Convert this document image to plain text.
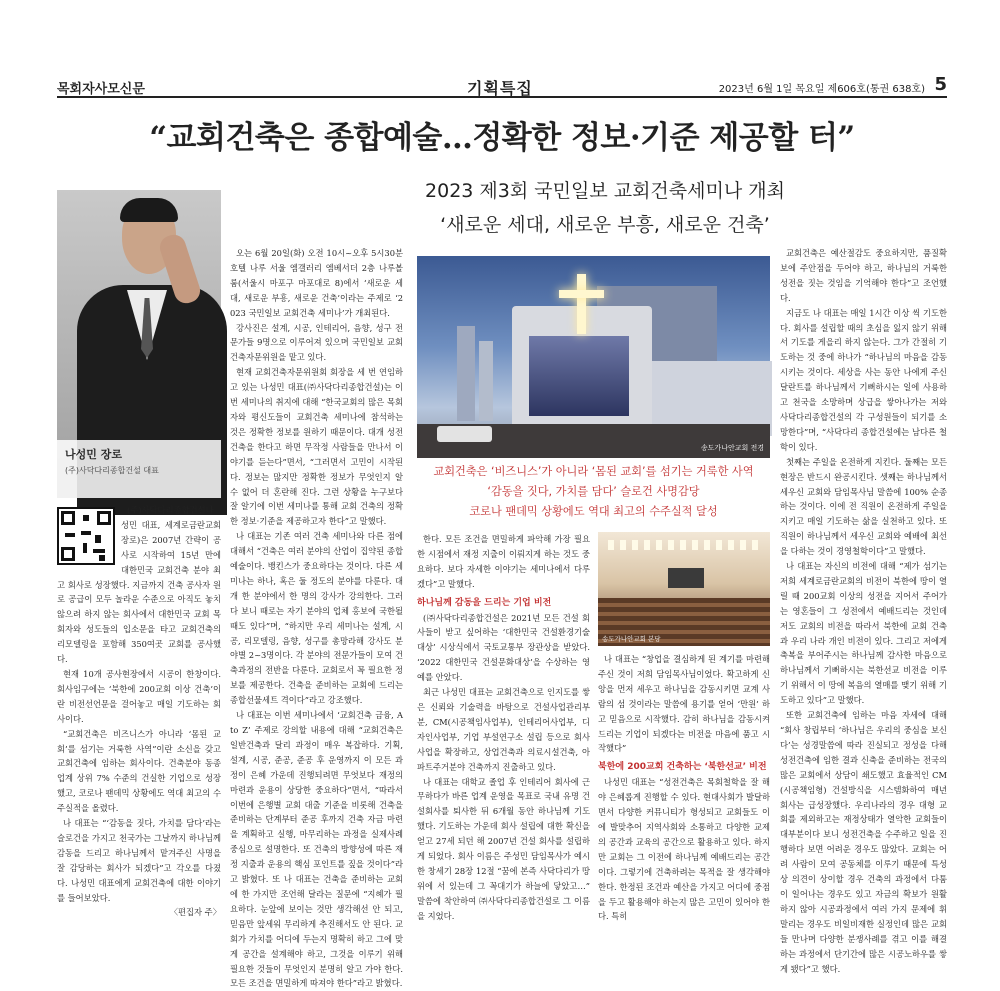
목회자사모신문	기획특집	2023년 6월 1일 목요일 제606호(통권 638호) 5
“교회건축은 종합예술…정확한 정보·기준 제공할 터”
2023 제3회 국민일보 교회건축세미나 개최
‘새로운 세대, 새로운 부흥, 새로운 건축’
나성민 장로
(주)사닥다리종합건설 대표

(주)사닥다리종합건설나성민 대표, 세계로금란교회 장로)은 2007년 간략이 공사로 시작하여 15년 만에 대한민국 교회건축 분야 최고 회사로 성장했다. 지금까지 건축 공사자 원로 공급이 모두 놀라운 수준으로 아직도 놓치 않으려 하지 않는 회사에서 대한민국 교회 목회자와 성도들의 입소문을 타고 교회건축의 리모델링을 포함해 350여곳 교회를 공사했다.

현재 10개 공사현장에서 시공이 한창이다. 회사임구에는 ‘북한에 200교회 이상 건축’이란 비전선언문을 걸어놓고 매일 기도하는 회사이다.

“교회건축은 비즈니스가 아니라 ‘몸된 교회’를 섬기는 거룩한 사역”이란 소신을 갖고 교회건축에 임하는 회사이다. 건축분야 동종업계 상위 7% 수준의 건실한 기업으로 성장했고, 코로나 팬데믹 상황에도 역대 최고의 수주실적을 올렸다.

나 대표는 “‘감동을 짓다, 가치를 담다’라는 슬로건을 가지고 천국가는 그날까지 하나님께 감동을 드리고 하나님께서 맡겨주신 사명을 잘 감당하는 회사가 되겠다”고 각오를 다졌다. 나성민 대표에게 교회건축에 대한 이야기를 들어보았다.

〈편집자 주〉

오는 6월 20일(화) 오전 10시~오후 5시30분 호텔 나루 서울 엠갤러리 엠베서더 2층 나루볼룸(서울시 마포구 마포대로 8)에서 ‘새로운 세대, 새로운 부흥, 새로운 건축’이라는 주제로 ‘2023 국민일보 교회건축 세미나’가 개최된다.

강사진은 설계, 시공, 인테리어, 음향, 성구 전문가들 9명으로 이루어져 있으며 국민일보 교회건축자문위원을 맡고 있다.

현재 교회건축자문위원회 회장을 세 번 연임하고 있는 나성민 대표(㈜사닥다리종합건설)는 이번 세미나의 취지에 대해 “한국교회의 많은 목회자와 평신도들이 교회건축 세미나에 참석하는 것은 정확한 정보를 원하기 때문이다. 대개 성전건축을 한다고 하면 무작정 사람들을 만나서 이야기를 듣는다”면서, “그러면서 고민이 시작된다. 정보는 많지만 정확한 정보가 무엇인지 알 수 없어 더 혼란해 진다. 그런 상황을 누구보다 잘 알기에 이번 세미나를 통해 교회 건축의 정확한 정보·기준을 제공하고자 한다”고 말했다.

나 대표는 기존 여러 건축 세미나와 다른 점에 대해서 “건축은 여러 분야의 산업이 집약된 종합 예술이다. 뱅킨스가 중요하다는 것이다. 다른 세미나는 하나, 혹은 둘 정도의 분야를 다룬다. 대개 한 분야에서 한 명의 강사가 강의한다. 그러다 보니 때로는 자기 분야의 업체 홍보에 국한될 때도 있다”며, “하지만 우리 세미나는 설계, 시공, 리모델링, 음향, 성구를 총망라해 강사도 분야별 2~3명이다. 각 분야의 전문가들이 모여 건축과정의 전반을 다룬다. 교회로서 꼭 필요한 정보를 제공한다. 건축을 준비하는 교회에 드리는 종합선물세트 격이다”라고 강조했다.

나 대표는 이번 세미나에서 ‘교회건축 금융, A to Z’ 주제로 강의할 내용에 대해 “교회건축은 일반건축과 달리 과정이 매우 복잡하다. 기획, 설계, 시공, 준공, 준공 후 운영까지 이 모든 과정이 은혜 가운데 진행되려면 무엇보다 재정의 마련과 운용이 상당한 중요하다”면서, “따라서 이번에 은행별 교회 대출 기준을 비롯해 건축을 준비하는 단계부터 준공 후까지 건축 자금 마련을 계획하고 실행, 마무리하는 과정을 실제사례 중심으로 설명한다. 또 건축의 방향성에 따른 재정 지출과 운용의 핵심 포인트를 짚을 것이다”라고 밝혔다. 또 나 대표는 건축을 준비하는 교회에 한 가지만 조언해 달라는 질문에 “지혜가 필요하다. 눈앞에 보이는 것만 생각해선 안 되고, 믿음만 앞세워 무리하게 추진해서도 안 된다. 교회가 가치를 어디에 두는지 명확히 하고 그에 맞게 공간을 설계해야 하고, 그것을 이루기 위해 필요한 것들이 무엇인지 분명히 알고 가야 한다. 모든 조건을 면밀하게 따져야 한다”라고 밝혔다.

송도가나안교회 전경
교회건축은 ‘비즈니스’가 아니라 ‘몸된 교회’를 섬기는 거룩한 사역
‘감동을 짓다, 가치를 담다’ 슬로건 사명감당
코로나 팬데믹 상황에도 역대 최고의 수주실적 달성

한다. 모든 조건을 면밀하게 파악해 가장 필요한 시점에서 재정 지출이 이뤄지게 하는 것도 중요하다. 보다 자세한 이야기는 세미나에서 다루겠다”고 말했다.

하나님께 감동을 드리는 기업 비전

(㈜사닥다리종합건설은 2021년 모든 건설 회사들이 받고 싶어하는 ‘대한민국 건설환경기술 대상’ 시상식에서 국토교통부 장관상을 받았다. ‘2022 대한민국 건설문화대상’을 수상하는 영예를 안았다.

최근 나성민 대표는 교회건축으로 인지도를 쌓은 신뢰와 기술력을 바탕으로 건설사업관리부분, CM(시공책임사업부), 인테리어사업부, 디자인사업부, 기업 부설연구소 설립 등으로 회사사업을 확장하고, 상업건축과 의료시설건축, 아파트주거분야 건축까지 진출하고 있다.

나 대표는 대학교 졸업 후 인테리어 회사에 근무하다가 바른 업계 운영을 목표로 국내 유명 건설회사를 퇴사한 뒤 6개월 동안 하나님께 기도했다. 기도하는 가운데 회사 설립에 대한 확신을 얻고 27세 되던 해 2007년 건설 회사를 설립하게 되었다. 회사 이름은 주성민 담임목사가 예시한 창세기 28장 12절 “꿈에 본즉 사닥다리가 땅 위에 서 있는데 그 꼭대기가 하늘에 닿았고…” 말씀에 착안하여 ㈜사닥다리종합건설로 그 이름을 지었다.

송도가나안교회 본당

나 대표는 “창업을 결심하게 된 계기를 마련해 주신 것이 저희 담임목사님이었다. 확고하게 신앙을 먼저 세우고 하나님을 감동시키면 교계 사람의 섬 것이라는 말씀에 용기를 얻어 ‘만원’ 하고 믿음으로 시작했다. 감히 하나님을 감동시켜드리는 기업이 되겠다는 비전을 마음에 품고 시작했다”

북한에 200교회 건축하는 ‘북한선교’ 비전

나성민 대표는 “성전건축은 목회철학을 잘 해야 은혜롭게 진행할 수 있다. 현대사회가 발달하면서 다양한 커뮤니티가 형성되고 교회들도 이에 발맞추어 지역사회와 소통하고 다양한 교제의 공간과 교육의 공간으로 활용하고 있다. 하지만 교회는 그 이전에 하나님께 예배드리는 공간이다. 그렇기에 건축하려는 목적을 잘 생각해야 한다. 한정된 조건과 예산을 가지고 어디에 중점을 두고 활용해야 하는지 많은 고민이 있어야 한다. 특히

교회건축은 예산절감도 중요하지만, 품질확보에 주안점을 두어야 하고, 하나님의 거룩한 성전을 짓는 것임을 기억해야 한다”고 조언했다.

지금도 나 대표는 매일 1시간 이상 씩 기도한다. 회사를 설립할 때의 초심을 잃지 않기 위해서 기도를 게을리 하지 않는다. 그가 간절히 기도하는 것 중에 하나가 “하나님의 마음을 감동시키는 것이다. 세상을 사는 동안 나에게 주신 달란트를 하나님께서 기뻐하시는 일에 사용하고 천국을 소망하며 상급을 쌓아나가는 저와 사닥다리종합건설의 각 구성원들이 되기를 소망한다”며, “사닥다리 종합건설에는 남다른 철학이 있다.

첫째는 주일을 온전하게 지킨다. 둘째는 모든 현장은 반드시 완공시킨다. 셋째는 하나님께서 세우신 교회와 담임목사님 말씀에 100% 순종하는 것이다. 이에 전 직원이 온전하게 주일을 지키고 매일 기도하는 삶을 실천하고 있다. 또 직원이 하나님께서 세우신 교회와 예배에 최선을 다하는 것이 경영철학이다”고 말했다.

나 대표는 자신의 비전에 대해 “제가 섬기는 저희 세계로금란교회의 비전이 북한에 땅이 열릴 때 200교회 이상의 성전을 지어서 주어가는 영혼들이 그 성전에서 예배드리는 것인데 저도 교회의 비전을 따라서 북한에 교회 건축과 우리 나라 개인 비전이 있다. 그리고 저에게 축복을 부어주시는 하나님께 감사한 마음으로 하나님께서 기뻐하시는 북한선교 비전을 이루기 위해서 이 땅에 복음의 열매를 맺기 위해 기도하고 있다”고 말했다.

또한 교회건축에 임하는 마음 자세에 대해 “회사 창립부터 ‘하나님은 우리의 중심을 보신다’는 성경말씀에 따라 진실되고 정성을 다해 성전건축에 임한 결과 신축을 준비하는 전국의 많은 교회에서 상담이 쇄도했고 효율적인 CM(시공책임형) 건설방식을 시스템화하여 매년 회사는 급성장했다. 우리나라의 경우 대형 교회를 제외하고는 재정상태가 열악한 교회들이 대부분이다 보니 성전건축을 수주하고 일을 진행하다 보면 어려운 경우도 많았다. 교회는 어려 사람이 모여 공동체를 이루기 때문에 특성상 의견이 상이할 경우 건축의 과정에서 다툼이 일어나는 경우도 있고 자금의 확보가 원활하지 않아 시공과정에서 여러 가지 문제에 휘말리는 경우도 비일비재한 실정인데 많은 교회들 만나며 다양한 분쟁사례를 겪고 이를 해결하는 과정에서 단기간에 많은 시공노하우를 쌓게 됐다”고 했다.
